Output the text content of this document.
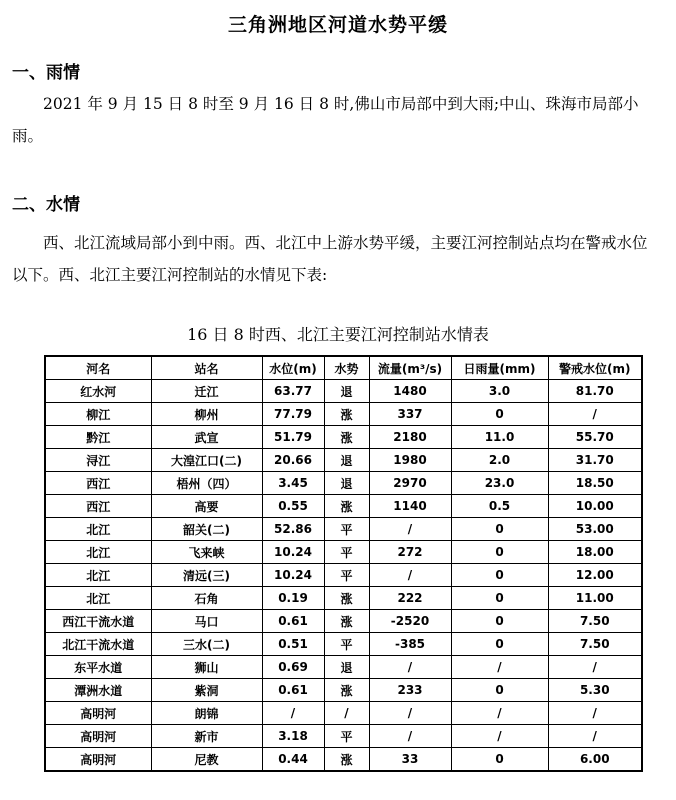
三角洲地区河道水势平缓
一、雨情
2021 年 9 月 15 日 8 时至 9 月 16 日 8 时,佛山市局部中到大雨;中山、珠海市局部小雨。
二、水情
西、北江流域局部小到中雨。西、北江中上游水势平缓，主要江河控制站点均在警戒水位以下。西、北江主要江河控制站的水情见下表:
16 日 8 时西、北江主要江河控制站水情表
河名	站名	水位(m)	水势	流量(m³/s)	日雨量(mm)	警戒水位(m)
红水河	迁江	63.77	退	1480	3.0	81.70
柳江	柳州	77.79	涨	337	0	/
黔江	武宣	51.79	涨	2180	11.0	55.70
浔江	大湟江口(二)	20.66	退	1980	2.0	31.70
西江	梧州（四）	3.45	退	2970	23.0	18.50
西江	高要	0.55	涨	1140	0.5	10.00
北江	韶关(二)	52.86	平	/	0	53.00
北江	飞来峡	10.24	平	272	0	18.00
北江	清远(三)	10.24	平	/	0	12.00
北江	石角	0.19	涨	222	0	11.00
西江干流水道	马口	0.61	涨	-2520	0	7.50
北江干流水道	三水(二)	0.51	平	-385	0	7.50
东平水道	狮山	0.69	退	/	/	/
潭洲水道	紫洞	0.61	涨	233	0	5.30
高明河	朗锦	/	/	/	/	/
高明河	新市	3.18	平	/	/	/
高明河	尼教	0.44	涨	33	0	6.00
